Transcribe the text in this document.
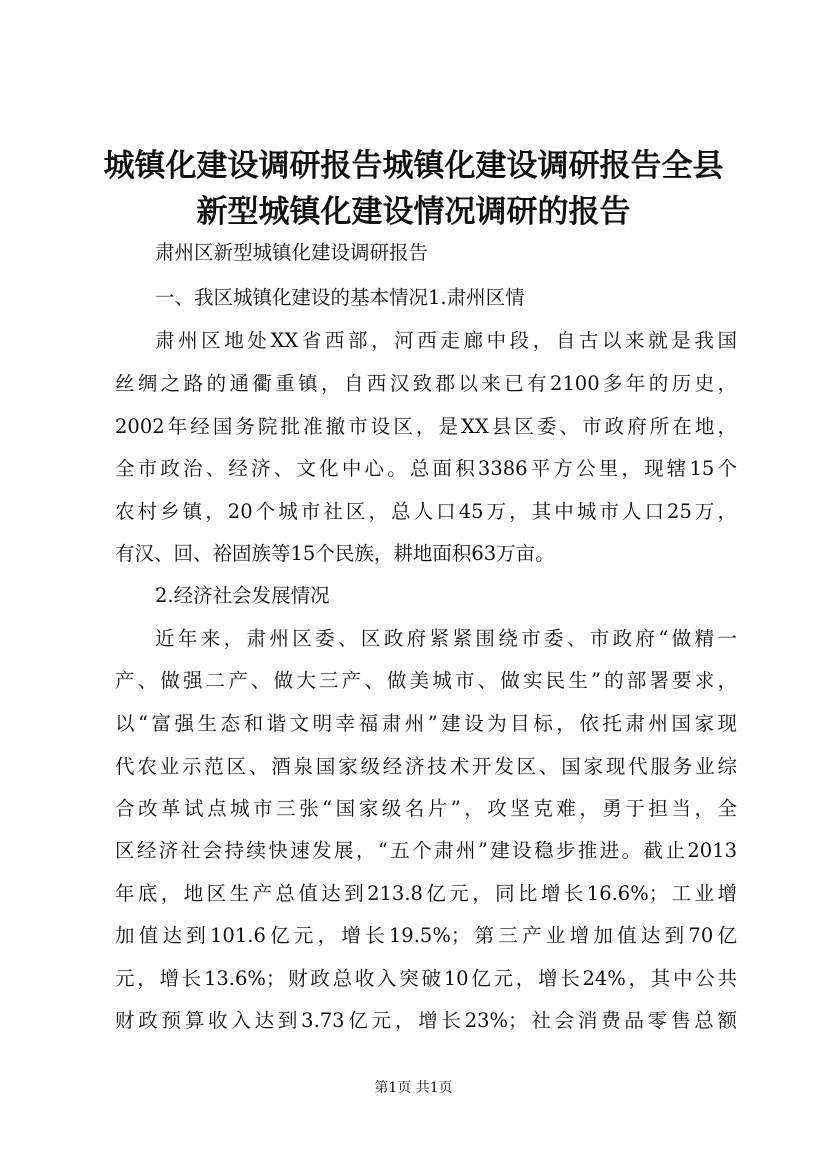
城镇化建设调研报告城镇化建设调研报告全县
新型城镇化建设情况调研的报告

肃州区新型城镇化建设调研报告

一、我区城镇化建设的基本情况1.肃州区情

肃州区地处XX省西部，河西走廊中段，自古以来就是我国

丝绸之路的通衢重镇，自西汉致郡以来已有2100多年的历史，

2002年经国务院批准撤市设区，是XX县区委、市政府所在地，

全市政治、经济、文化中心。总面积3386平方公里，现辖15个

农村乡镇，20个城市社区，总人口45万，其中城市人口25万，

有汉、回、裕固族等15个民族，耕地面积63万亩。

2.经济社会发展情况

近年来，肃州区委、区政府紧紧围绕市委、市政府“做精一

产、做强二产、做大三产、做美城市、做实民生”的部署要求，

以“富强生态和谐文明幸福肃州”建设为目标，依托肃州国家现

代农业示范区、酒泉国家级经济技术开发区、国家现代服务业综

合改革试点城市三张“国家级名片”，攻坚克难，勇于担当，全

区经济社会持续快速发展，“五个肃州”建设稳步推进。截止2013

年底，地区生产总值达到213.8亿元，同比增长16.6%；工业增

加值达到101.6亿元，增长19.5%；第三产业增加值达到70亿

元，增长13.6%；财政总收入突破10亿元，增长24%，其中公共

财政预算收入达到3.73亿元，增长23%；社会消费品零售总额

第1页 共1页
